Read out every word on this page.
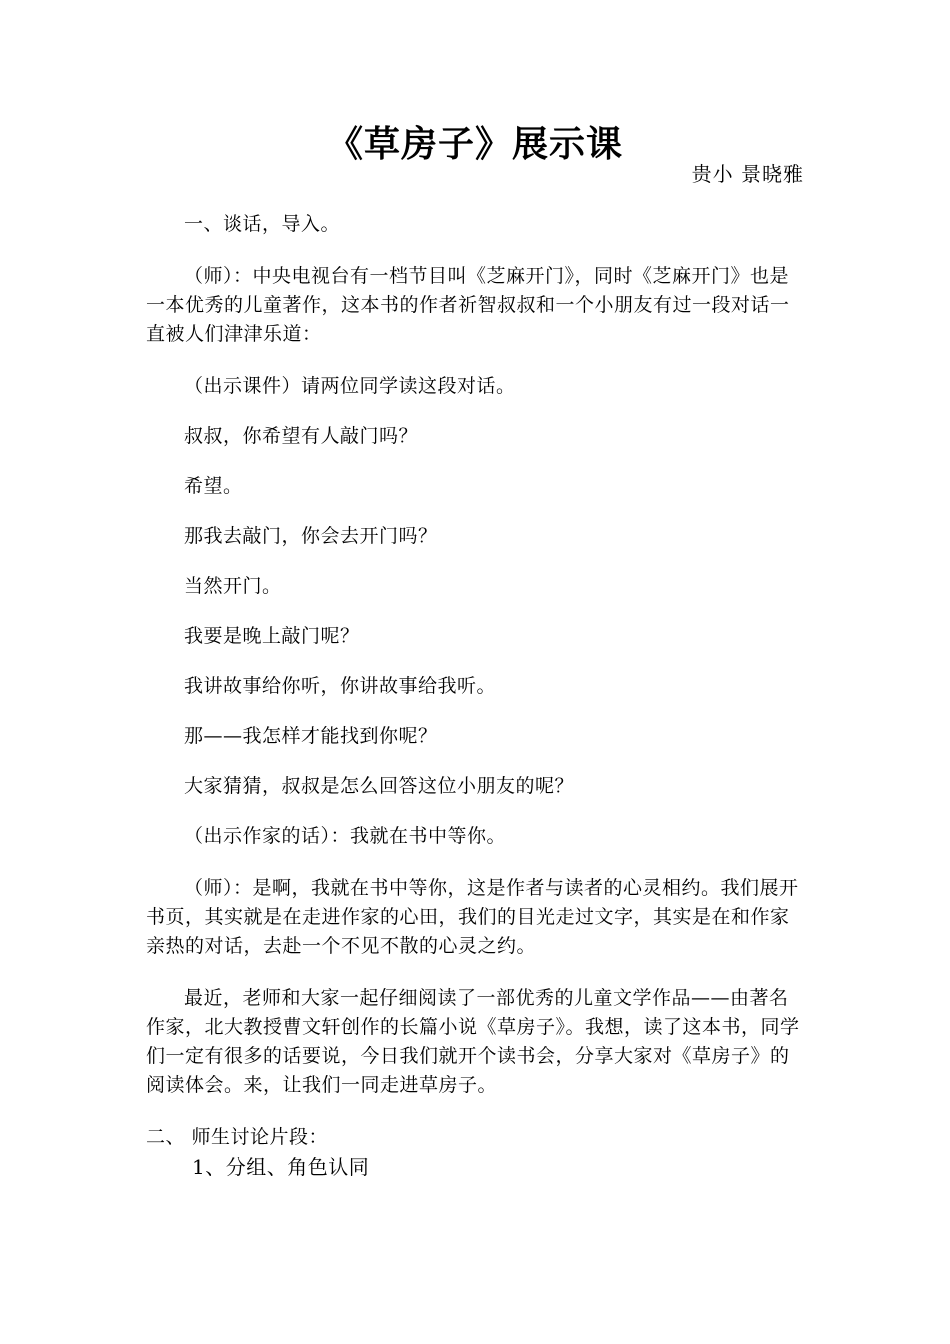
《草房子》展示课
贵小 景晓雅

一、谈话，导入。

（师）：中央电视台有一档节目叫《芝麻开门》，同时《芝麻开门》也是一本优秀的儿童著作，这本书的作者祈智叔叔和一个小朋友有过一段对话一直被人们津津乐道：

（出示课件）请两位同学读这段对话。

叔叔，你希望有人敲门吗？

希望。

那我去敲门，你会去开门吗？

当然开门。

我要是晚上敲门呢？

我讲故事给你听，你讲故事给我听。

那——我怎样才能找到你呢？

大家猜猜，叔叔是怎么回答这位小朋友的呢？

（出示作家的话）：我就在书中等你。

（师）：是啊，我就在书中等你，这是作者与读者的心灵相约。我们展开书页，其实就是在走进作家的心田，我们的目光走过文字，其实是在和作家亲热的对话，去赴一个不见不散的心灵之约。

最近，老师和大家一起仔细阅读了一部优秀的儿童文学作品——由著名作家，北大教授曹文轩创作的长篇小说《草房子》。我想，读了这本书，同学们一定有很多的话要说，今日我们就开个读书会，分享大家对《草房子》的阅读体会。来，让我们一同走进草房子。

二、 师生讨论片段：

1、分组、角色认同
